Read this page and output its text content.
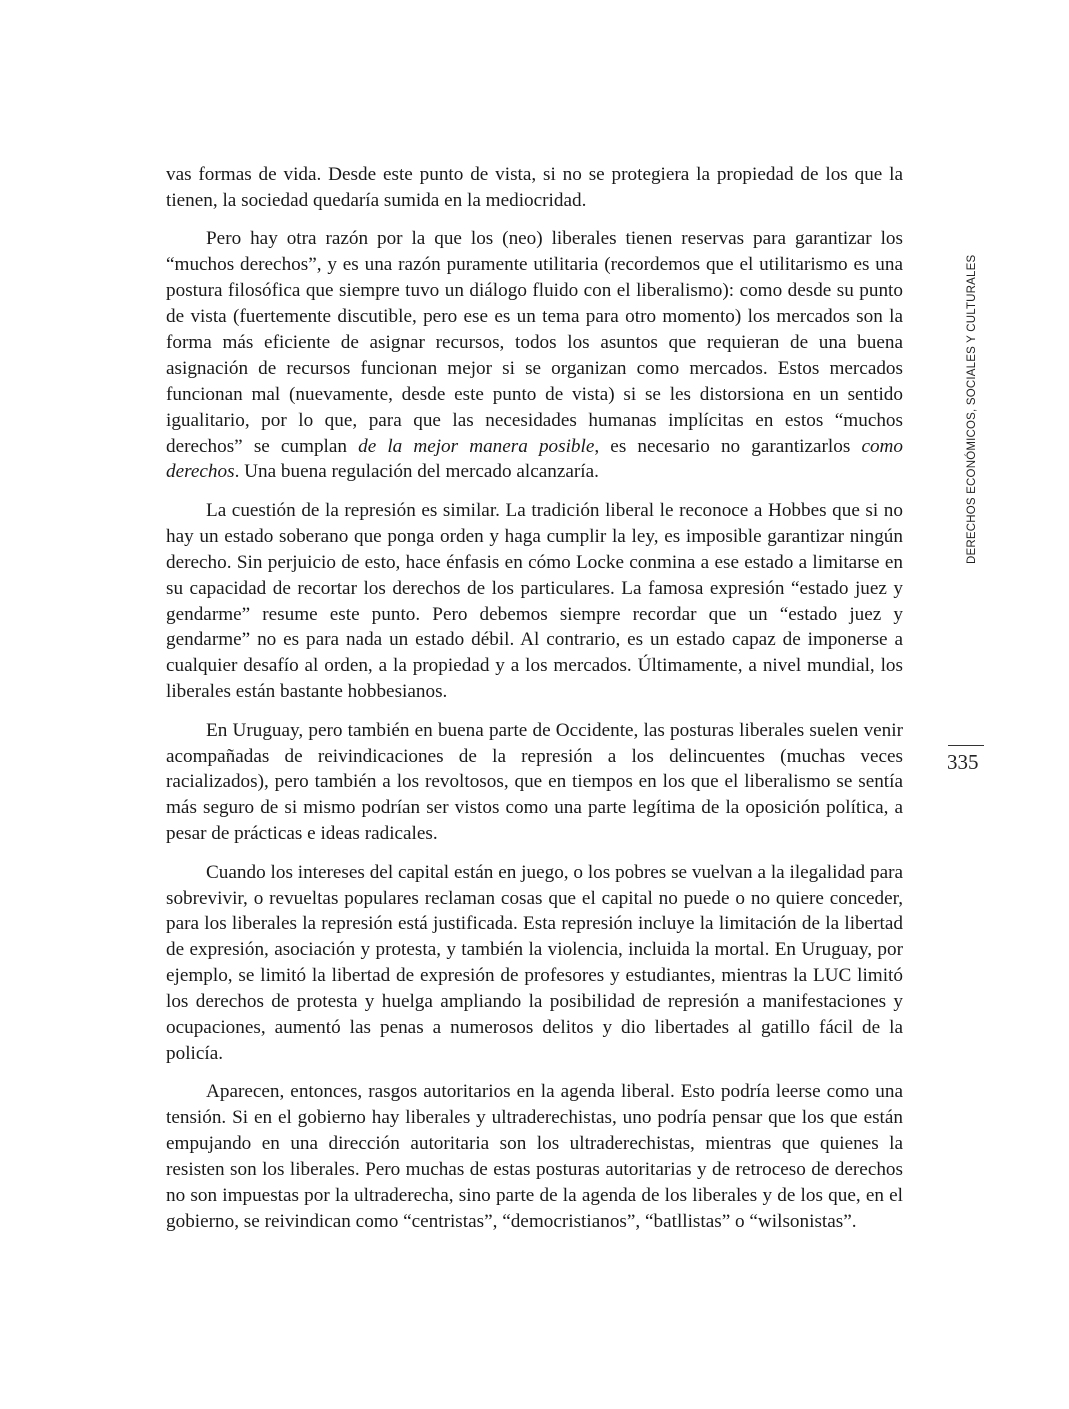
vas formas de vida. Desde este punto de vista, si no se protegiera la propiedad de los que la tienen, la sociedad quedaría sumida en la mediocridad.

Pero hay otra razón por la que los (neo) liberales tienen reservas para garantizar los “muchos derechos”, y es una razón puramente utilitaria (recordemos que el utilitarismo es una postura filosófica que siempre tuvo un diálogo fluido con el liberalismo): como desde su punto de vista (fuertemente discutible, pero ese es un tema para otro momento) los mercados son la forma más eficiente de asignar recursos, todos los asuntos que requieran de una buena asignación de recursos funcionan mejor si se organizan como mercados. Estos mercados funcionan mal (nuevamente, desde este punto de vista) si se les distorsiona en un sentido igualitario, por lo que, para que las necesidades humanas implícitas en estos “muchos derechos” se cumplan de la mejor manera posible, es necesario no garantizarlos como derechos. Una buena regulación del mercado alcanzaría.

La cuestión de la represión es similar. La tradición liberal le reconoce a Hobbes que si no hay un estado soberano que ponga orden y haga cumplir la ley, es imposible garantizar ningún derecho. Sin perjuicio de esto, hace énfasis en cómo Locke conmina a ese estado a limitarse en su capacidad de recortar los derechos de los particulares. La famosa expresión “estado juez y gendarme” resume este punto. Pero debemos siempre recordar que un “estado juez y gendarme” no es para nada un estado débil. Al contrario, es un estado capaz de imponerse a cualquier desafío al orden, a la propiedad y a los mercados. Últimamente, a nivel mundial, los liberales están bastante hobbesianos.

En Uruguay, pero también en buena parte de Occidente, las posturas liberales suelen venir acompañadas de reivindicaciones de la represión a los delincuentes (muchas veces racializados), pero también a los revoltosos, que en tiempos en los que el liberalismo se sentía más seguro de si mismo podrían ser vistos como una parte legítima de la oposición política, a pesar de prácticas e ideas radicales.

Cuando los intereses del capital están en juego, o los pobres se vuelvan a la ilegalidad para sobrevivir, o revueltas populares reclaman cosas que el capital no puede o no quiere conceder, para los liberales la represión está justificada. Esta represión incluye la limitación de la libertad de expresión, asociación y protesta, y también la violencia, incluida la mortal. En Uruguay, por ejemplo, se limitó la libertad de expresión de profesores y estudiantes, mientras la LUC limitó los derechos de protesta y huelga ampliando la posibilidad de represión a manifestaciones y ocupaciones, aumentó las penas a numerosos delitos y dio libertades al gatillo fácil de la policía.

Aparecen, entonces, rasgos autoritarios en la agenda liberal. Esto podría leerse como una tensión. Si en el gobierno hay liberales y ultraderechistas, uno podría pensar que los que están empujando en una dirección autoritaria son los ultraderechistas, mientras que quienes la resisten son los liberales. Pero muchas de estas posturas autoritarias y de retroceso de derechos no son impuestas por la ultraderecha, sino parte de la agenda de los liberales y de los que, en el gobierno, se reivindican como “centristas”, “democristianos”, “batllistas” o “wilsonistas”.

DERECHOS ECONÓMICOS, SOCIALES Y CULTURALES
335
